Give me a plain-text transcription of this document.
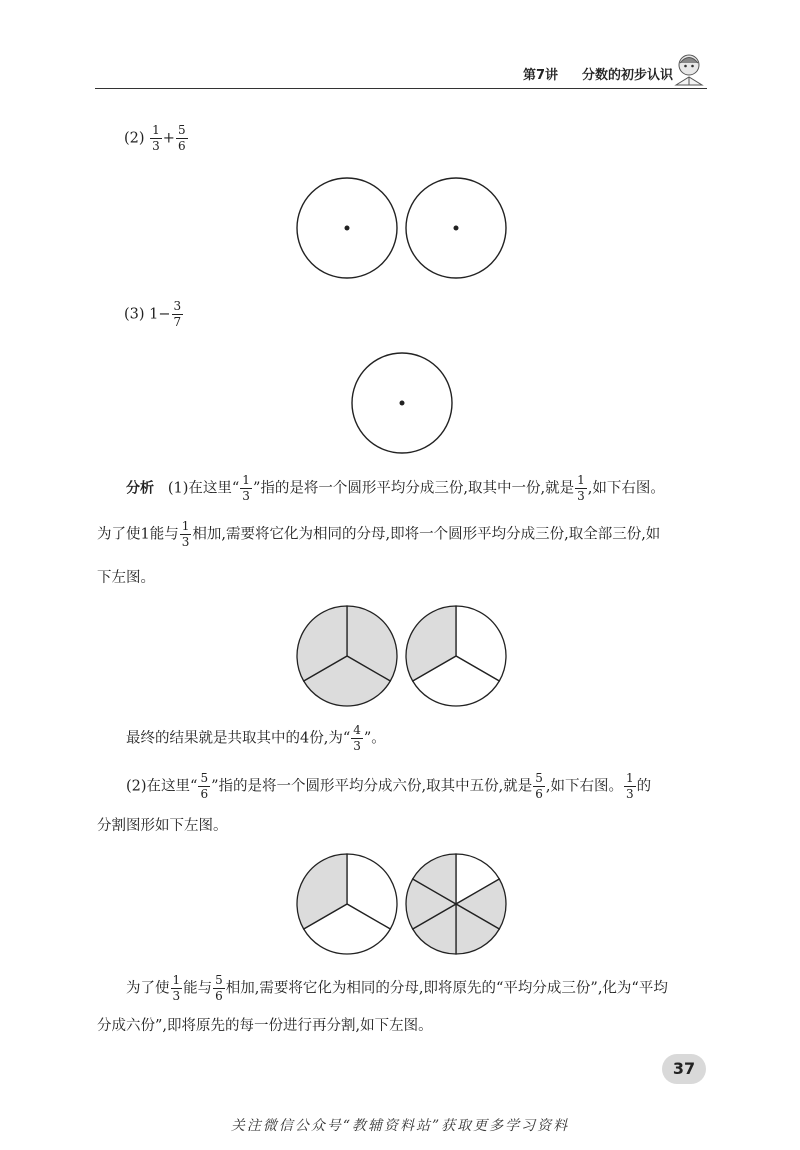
第7讲 分数的初步认识
$(2) \frac{1}{3} + \frac{5}{6}$
(3) $1- \frac{3}{7}$
分析 (1)在这里“ $\frac{1}{3}$ ”指的是将一个圆形平均分成三份,取其中一份,就是 $\frac{1}{3}$ ,如下右图。
为了使1能与 $\frac{1}{3}$ 相加,需要将它化为相同的分母,即将一个圆形平均分成三份,取全部三份,如
下左图。
最终的结果就是共取其中的4份,为“ $\frac{4}{3}$ ”。
(2)在这里“ $\frac{5}{6}$ ”指的是将一个圆形平均分成六份,取其中五份,就是 $\frac{5}{6}$ ,如下右图。 $\frac{1}{3}$ 的
分割图形如下左图。
为了使 $\frac{1}{3}$ 能与 $\frac{5}{6}$ 相加,需要将它化为相同的分母,即将原先的“平均分成三份”,化为“平均
分成六份”,即将原先的每一份进行再分割,如下左图。
37
关注微信公众号“教辅资料站”获取更多学习资料
